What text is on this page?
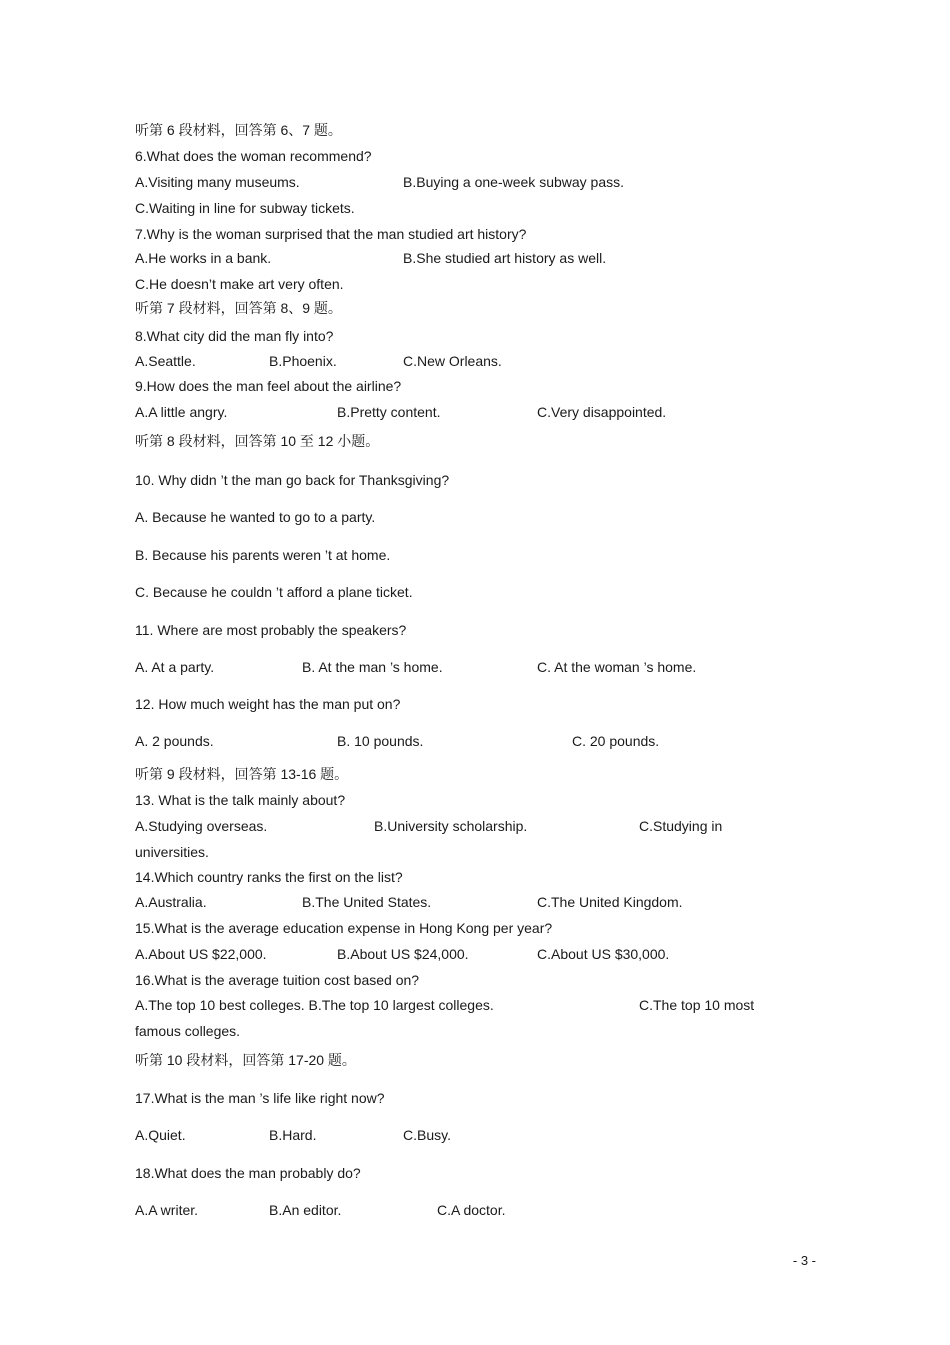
听第 6 段材料，回答第 6、7 题。
6.What does the woman recommend?
A.Visiting many museums.	B.Buying a one-week subway pass.
C.Waiting in line for subway tickets.
7.Why is the woman surprised that the man studied art history?
A.He works in a bank.	B.She studied art history as well.
C.He doesn’t make art very often.
听第 7 段材料，回答第 8、9 题。
8.What city did the man fly into?
A.Seattle.	B.Phoenix.	C.New Orleans.
9.How does the man feel about the airline?
A.A little angry.	B.Pretty content.	C.Very disappointed.
听第 8 段材料，回答第 10 至 12 小题。
10. Why didn ’t the man go back for Thanksgiving?
A. Because he wanted to go to a party.
B. Because his parents weren ’t at home.
C. Because he couldn ’t afford a plane ticket.
11. Where are most probably the speakers?
A. At a party.	B. At the man ’s home.	C. At the woman ’s home.
12. How much weight has the man put on?
A. 2 pounds.	B. 10 pounds.	C. 20 pounds.
听第 9 段材料，回答第 13-16 题。
13. What is the talk mainly about?
A.Studying overseas.	B.University scholarship.	C.Studying in
universities.
14.Which country ranks the first on the list?
A.Australia.	B.The United States.	C.The United Kingdom.
15.What is the average education expense in Hong Kong per year?
A.About US $22,000.	B.About US $24,000.	C.About US $30,000.
16.What is the average tuition cost based on?
A.The top 10 best colleges. B.The top 10 largest colleges.	C.The top 10 most
famous colleges.
听第 10 段材料，回答第 17-20 题。
17.What is the man ’s life like right now?
A.Quiet.	B.Hard.	C.Busy.
18.What does the man probably do?
A.A writer.	B.An editor.	C.A doctor.
- 3 -
